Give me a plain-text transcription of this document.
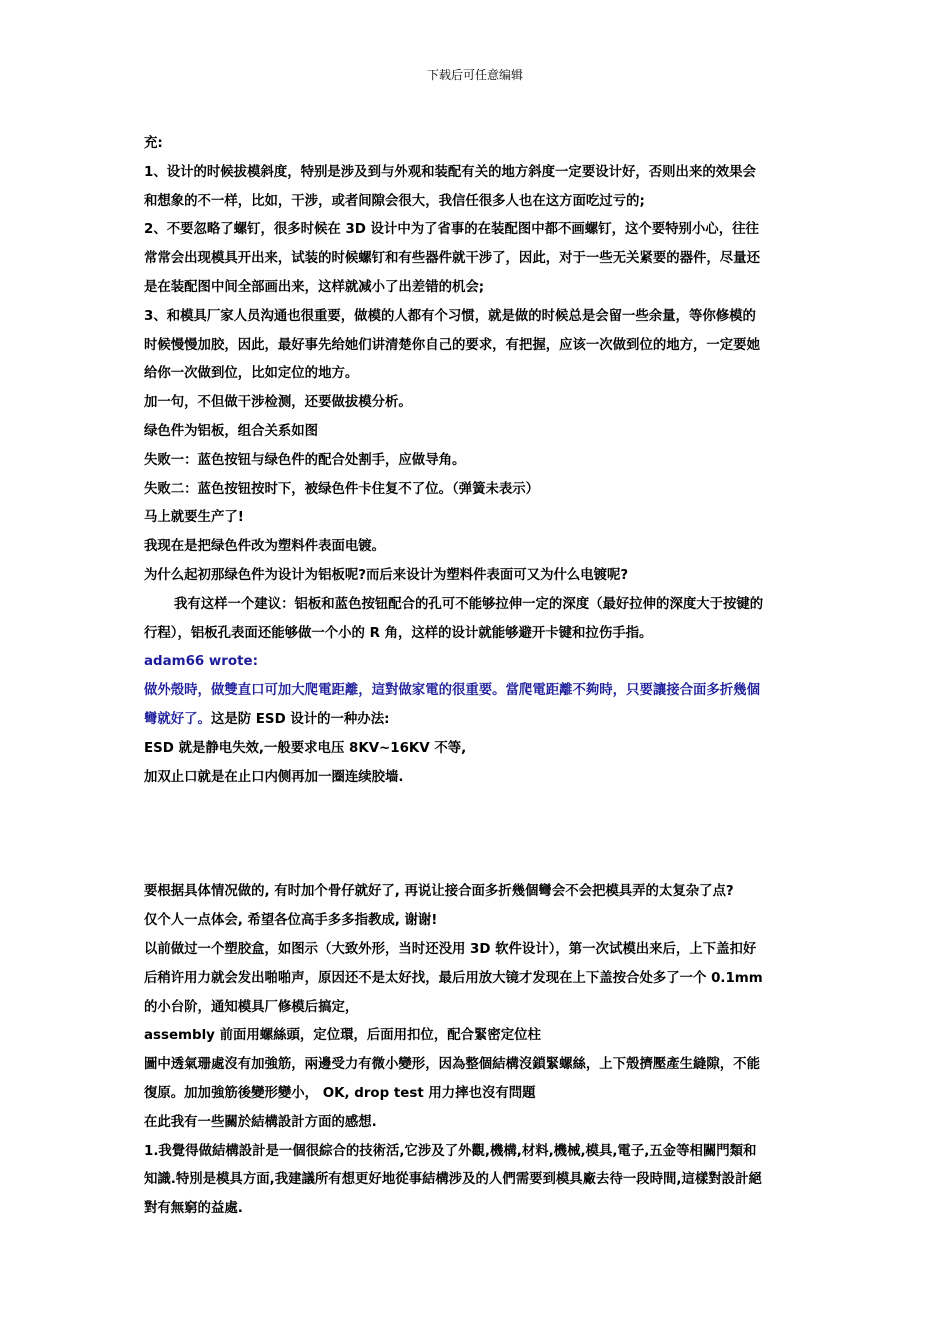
下载后可任意编辑

充:

1、设计的时候拔模斜度，特别是涉及到与外观和装配有关的地方斜度一定要设计好，否则出来的效果会

和想象的不一样，比如，干涉，或者间隙会很大，我信任很多人也在这方面吃过亏的;

2、不要忽略了螺钉，很多时候在 3D 设计中为了省事的在装配图中都不画螺钉，这个要特别小心，往往

常常会出现模具开出来，试装的时候螺钉和有些器件就干涉了，因此，对于一些无关紧要的器件，尽量还

是在装配图中间全部画出来，这样就减小了出差错的机会;

3、和模具厂家人员沟通也很重要，做模的人都有个习惯，就是做的时候总是会留一些余量，等你修模的

时候慢慢加胶，因此，最好事先给她们讲清楚你自己的要求，有把握，应该一次做到位的地方，一定要她

给你一次做到位，比如定位的地方。

加一句，不但做干涉检测，还要做拔模分析。

绿色件为铝板，组合关系如图

失败一：蓝色按钮与绿色件的配合处割手，应做导角。

失败二：蓝色按钮按时下，被绿色件卡住复不了位。（弹簧未表示）

马上就要生产了!

我现在是把绿色件改为塑料件表面电镀。

为什么起初那绿色件为设计为铝板呢?而后来设计为塑料件表面可又为什么电镀呢?

我有这样一个建议：铝板和蓝色按钮配合的孔可不能够拉伸一定的深度（最好拉伸的深度大于按键的

行程），铝板孔表面还能够做一个小的 R 角，这样的设计就能够避开卡键和拉伤手指。

adam66 wrote:

做外殼時，做雙直口可加大爬電距離，這對做家電的很重要。當爬電距離不夠時，只要讓接合面多折幾個

彎就好了。这是防 ESD 设计的一种办法:

ESD 就是静电失效,一般要求电压 8KV~16KV 不等,

加双止口就是在止口内侧再加一圈连续胶墙.

要根据具体情况做的, 有时加个骨仔就好了, 再说让接合面多折幾個彎会不会把模具弄的太复杂了点?

仅个人一点体会, 希望各位高手多多指教成, 谢谢!

以前做过一个塑胶盒，如图示（大致外形，当时还没用 3D 软件设计），第一次试模出来后，上下盖扣好

后稍许用力就会发出啪啪声，原因还不是太好找，最后用放大镜才发现在上下盖按合处多了一个 0.1mm

的小台阶，通知模具厂修模后搞定，

assembly 前面用螺絲頭，定位環，后面用扣位，配合緊密定位柱

圖中透氣珊處沒有加強筋，兩邊受力有微小變形，因為整個結構沒鎖緊螺絲，上下殼擠壓產生縫隙，不能

復原。加加強筋後變形變小， OK, drop test 用力摔也沒有問題

在此我有一些關於結構設計方面的感想.

1.我覺得做結構設計是一個很綜合的技術活,它涉及了外觀,機構,材料,機械,模具,電子,五金等相關門類和

知識.特別是模具方面,我建議所有想更好地從事結構涉及的人們需要到模具廠去待一段時間,這樣對設計絕

對有無窮的益處.
